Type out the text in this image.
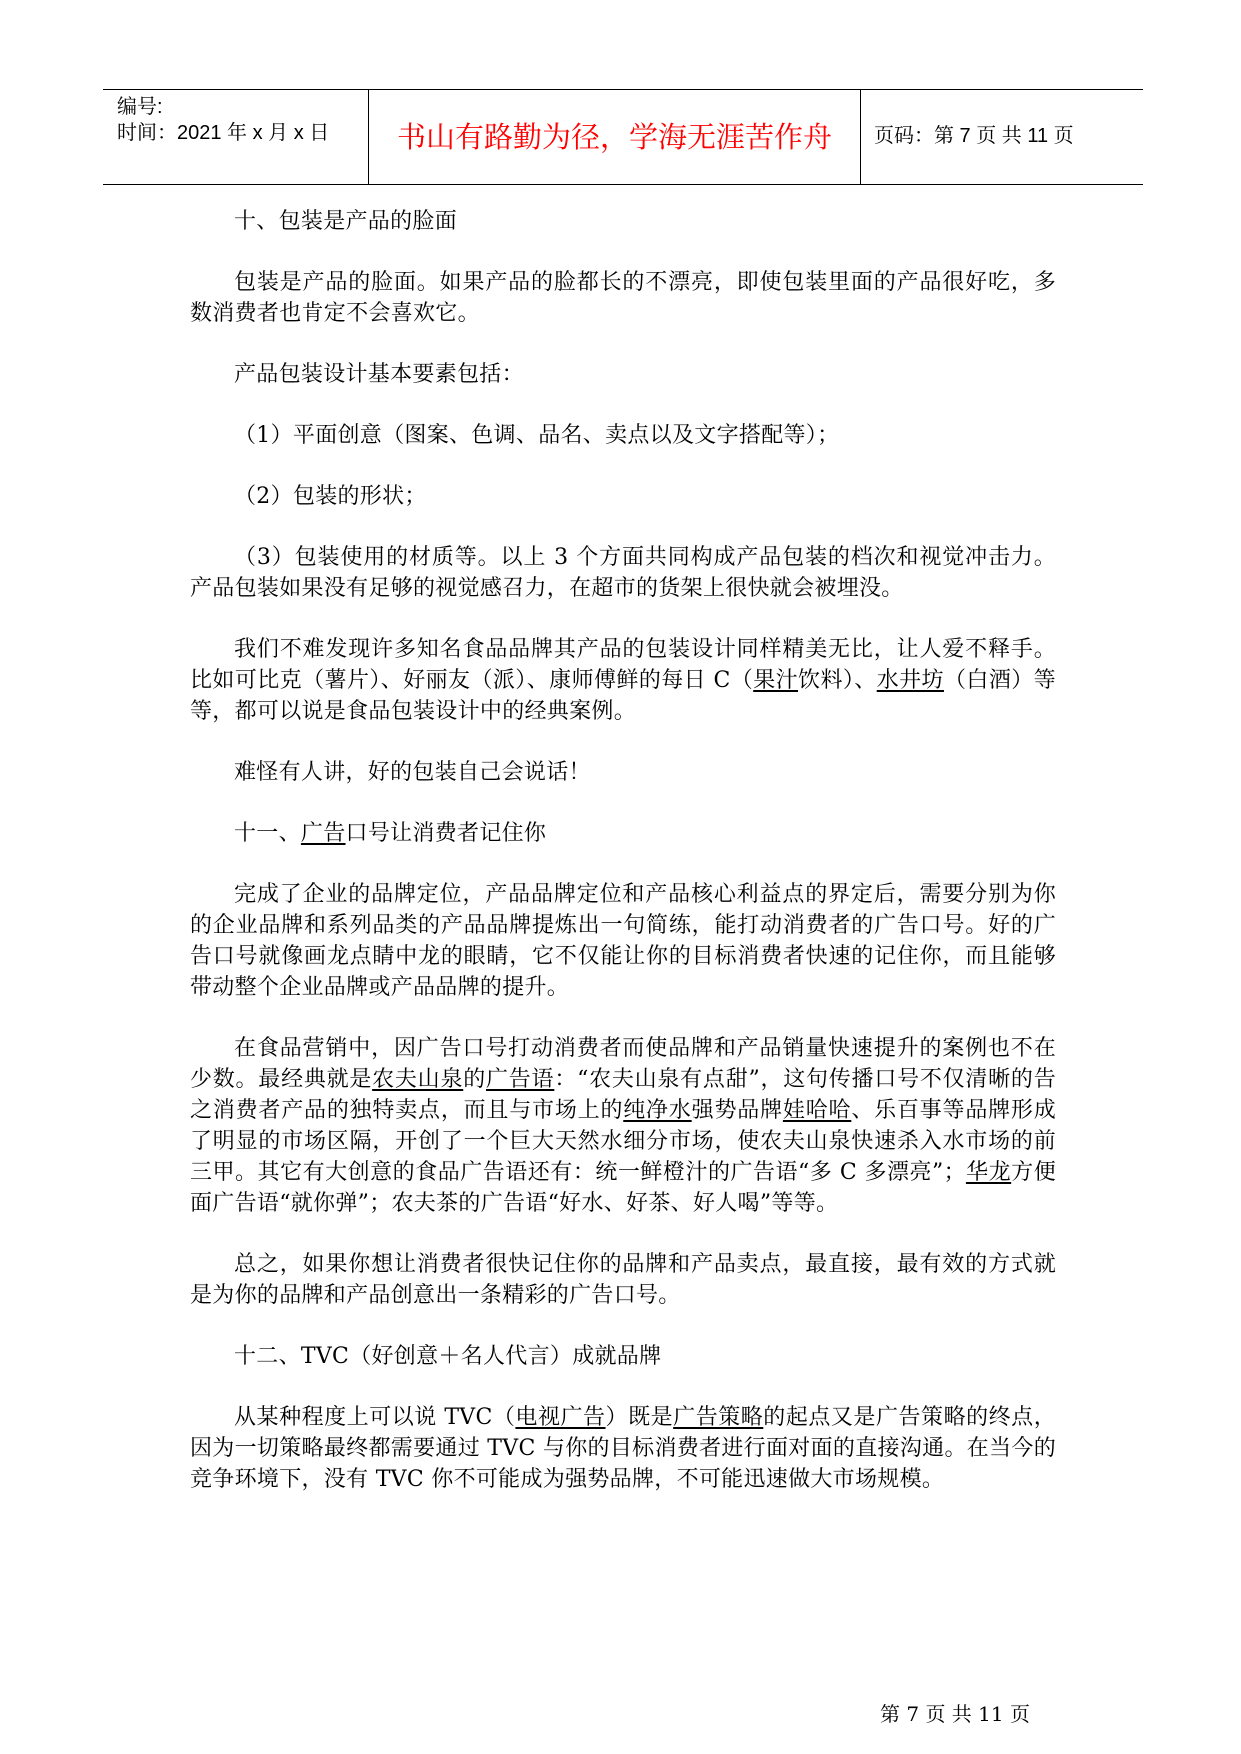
编号:
时间：2021 年 x 月 x 日	书山有路勤为径，学海无涯苦作舟	页码：第 7 页 共 11 页

十、包装是产品的脸面

包装是产品的脸面。如果产品的脸都长的不漂亮，即使包装里面的产品很好吃，多数消费者也肯定不会喜欢它。

产品包装设计基本要素包括：

（1）平面创意（图案、色调、品名、卖点以及文字搭配等）；

（2）包装的形状；

（3）包装使用的材质等。以上 3 个方面共同构成产品包装的档次和视觉冲击力。产品包装如果没有足够的视觉感召力，在超市的货架上很快就会被埋没。

我们不难发现许多知名食品品牌其产品的包装设计同样精美无比，让人爱不释手。比如可比克（薯片）、好丽友（派）、康师傅鲜的每日 C（果汁饮料）、水井坊（白酒）等等，都可以说是食品包装设计中的经典案例。

难怪有人讲，好的包装自己会说话！

十一、广告口号让消费者记住你

完成了企业的品牌定位，产品品牌定位和产品核心利益点的界定后，需要分别为你的企业品牌和系列品类的产品品牌提炼出一句简练，能打动消费者的广告口号。好的广告口号就像画龙点睛中龙的眼睛，它不仅能让你的目标消费者快速的记住你，而且能够带动整个企业品牌或产品品牌的提升。

在食品营销中，因广告口号打动消费者而使品牌和产品销量快速提升的案例也不在少数。最经典就是农夫山泉的广告语：“农夫山泉有点甜”，这句传播口号不仅清晰的告之消费者产品的独特卖点，而且与市场上的纯净水强势品牌娃哈哈、乐百事等品牌形成了明显的市场区隔，开创了一个巨大天然水细分市场，使农夫山泉快速杀入水市场的前三甲。其它有大创意的食品广告语还有：统一鲜橙汁的广告语“多 C 多漂亮”；华龙方便面广告语“就你弹”；农夫茶的广告语“好水、好茶、好人喝”等等。

总之，如果你想让消费者很快记住你的品牌和产品卖点，最直接，最有效的方式就是为你的品牌和产品创意出一条精彩的广告口号。

十二、TVC（好创意＋名人代言）成就品牌

从某种程度上可以说 TVC（电视广告）既是广告策略的起点又是广告策略的终点，因为一切策略最终都需要通过 TVC 与你的目标消费者进行面对面的直接沟通。在当今的竞争环境下，没有 TVC 你不可能成为强势品牌，不可能迅速做大市场规模。

第 7 页 共 11 页
